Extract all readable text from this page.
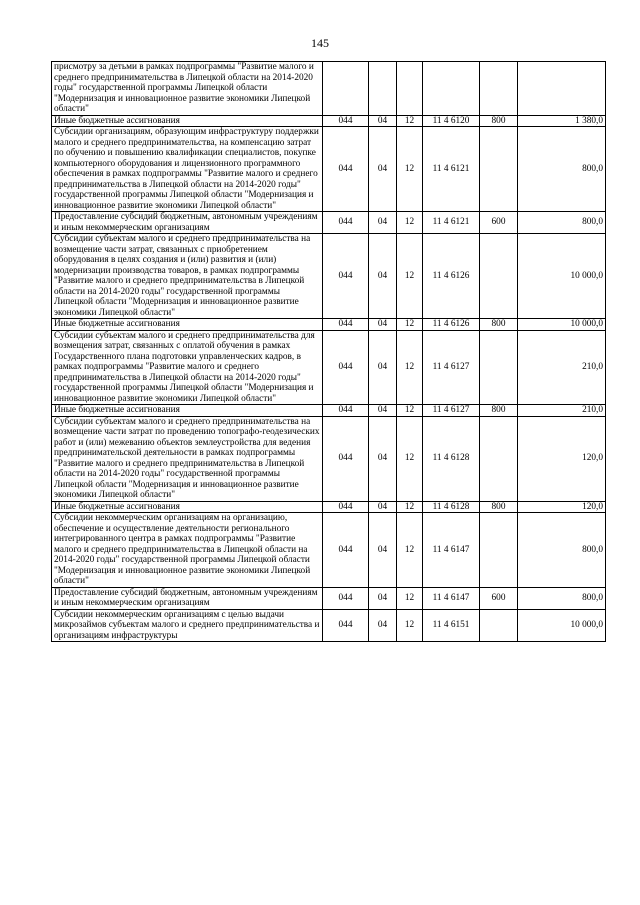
145
присмотру за детьми в рамках подпрограммы "Развитие малого и среднего предпринимательства в Липецкой области на 2014-2020 годы" государственной программы Липецкой области "Модернизация и инновационное развитие экономики Липецкой области"						
Иные бюджетные ассигнования	044	04	12	11 4 6120	800	1 380,0
Субсидии организациям, образующим инфраструктуру поддержки малого и среднего предпринимательства, на компенсацию затрат по обучению и повышению квалификации специалистов, покупке компьютерного оборудования и лицензионного программного обеспечения в рамках подпрограммы "Развитие малого и среднего предпринимательства в Липецкой области на 2014-2020 годы" государственной программы Липецкой области "Модернизация и инновационное развитие экономики Липецкой области"	044	04	12	11 4 6121		800,0
Предоставление субсидий бюджетным, автономным учреждениям и иным некоммерческим организациям	044	04	12	11 4 6121	600	800,0
Субсидии субъектам малого и среднего предпринимательства на возмещение части затрат, связанных с приобретением оборудования в целях создания и (или) развития и (или) модернизации производства товаров, в рамках подпрограммы "Развитие малого и среднего предпринимательства в Липецкой области на 2014-2020 годы" государственной программы Липецкой области "Модернизация и инновационное развитие экономики Липецкой области"	044	04	12	11 4 6126		10 000,0
Иные бюджетные ассигнования	044	04	12	11 4 6126	800	10 000,0
Субсидии субъектам малого и среднего предпринимательства для возмещения затрат, связанных с оплатой обучения в рамках Государственного плана подготовки управленческих кадров, в рамках подпрограммы "Развитие малого и среднего предпринимательства в Липецкой области на 2014-2020 годы" государственной программы Липецкой области "Модернизация и инновационное развитие экономики Липецкой области"	044	04	12	11 4 6127		210,0
Иные бюджетные ассигнования	044	04	12	11 4 6127	800	210,0
Субсидии субъектам малого и среднего предпринимательства на возмещение части затрат по проведению топографо-геодезических работ и (или) межеванию объектов землеустройства для ведения предпринимательской деятельности в рамках подпрограммы "Развитие малого и среднего предпринимательства в Липецкой области на 2014-2020 годы" государственной программы Липецкой области "Модернизация и инновационное развитие экономики Липецкой области"	044	04	12	11 4 6128		120,0
Иные бюджетные ассигнования	044	04	12	11 4 6128	800	120,0
Субсидии некоммерческим организациям на организацию, обеспечение и осуществление деятельности регионального интегрированного центра в рамках подпрограммы "Развитие малого и среднего предпринимательства в Липецкой области на 2014-2020 годы" государственной программы Липецкой области "Модернизация и инновационное развитие экономики Липецкой области"	044	04	12	11 4 6147		800,0
Предоставление субсидий бюджетным, автономным учреждениям и иным некоммерческим организациям	044	04	12	11 4 6147	600	800,0
Субсидии некоммерческим организациям с целью выдачи микрозаймов субъектам малого и среднего предпринимательства и организациям инфраструктуры	044	04	12	11 4 6151		10 000,0
